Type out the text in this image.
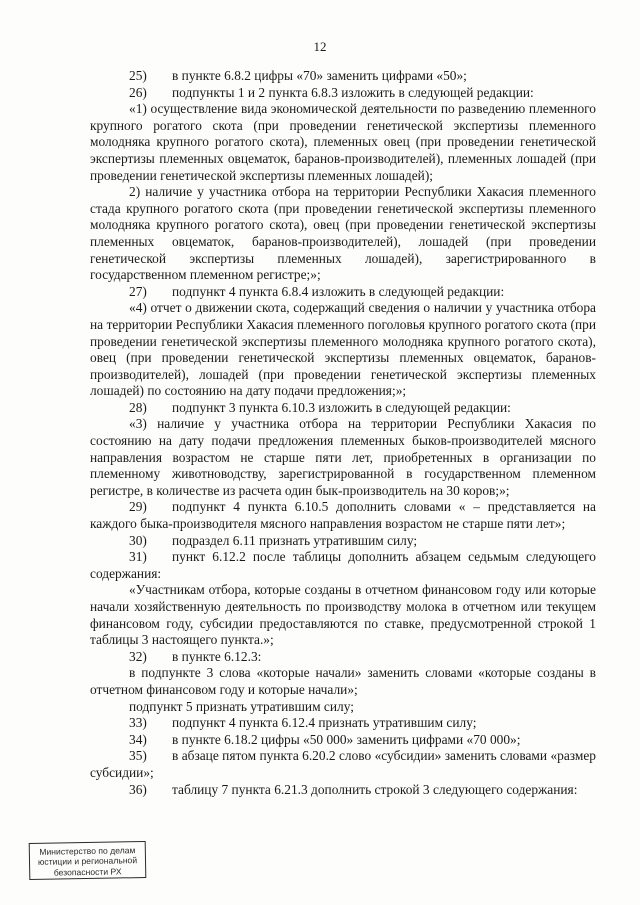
12

25) в пункте 6.8.2 цифры «70» заменить цифрами «50»;

26) подпункты 1 и 2 пункта 6.8.3 изложить в следующей редакции:

«1) осуществление вида экономической деятельности по разведению племенного крупного рогатого скота (при проведении генетической экспертизы племенного молодняка крупного рогатого скота), племенных овец (при проведении генетической экспертизы племенных овцематок, баранов-производителей), племенных лошадей (при проведении генетической экспертизы племенных лошадей);

2) наличие у участника отбора на территории Республики Хакасия племенного стада крупного рогатого скота (при проведении генетической экспертизы племенного молодняка крупного рогатого скота), овец (при проведении генетической экспертизы племенных овцематок, баранов-производителей), лошадей (при проведении генетической экспертизы племенных лошадей), зарегистрированного в государственном племенном регистре;»;

27) подпункт 4 пункта 6.8.4 изложить в следующей редакции:

«4) отчет о движении скота, содержащий сведения о наличии у участника отбора на территории Республики Хакасия племенного поголовья крупного рогатого скота (при проведении генетической экспертизы племенного молодняка крупного рогатого скота), овец (при проведении генетической экспертизы племенных овцематок, баранов-производителей), лошадей (при проведении генетической экспертизы племенных лошадей) по состоянию на дату подачи предложения;»;

28) подпункт 3 пункта 6.10.3 изложить в следующей редакции:

«3) наличие у участника отбора на территории Республики Хакасия по состоянию на дату подачи предложения племенных быков-производителей мясного направления возрастом не старше пяти лет, приобретенных в организации по племенному животноводству, зарегистрированной в государственном племенном регистре, в количестве из расчета один бык-производитель на 30 коров;»;

29) подпункт 4 пункта 6.10.5 дополнить словами « – представляется на каждого быка-производителя мясного направления возрастом не старше пяти лет»;

30) подраздел 6.11 признать утратившим силу;

31) пункт 6.12.2 после таблицы дополнить абзацем седьмым следующего содержания:

«Участникам отбора, которые созданы в отчетном финансовом году или которые начали хозяйственную деятельность по производству молока в отчетном или текущем финансовом году, субсидии предоставляются по ставке, предусмотренной строкой 1 таблицы 3 настоящего пункта.»;

32) в пункте 6.12.3:

в подпункте 3 слова «которые начали» заменить словами «которые созданы в отчетном финансовом году и которые начали»;

подпункт 5 признать утратившим силу;

33) подпункт 4 пункта 6.12.4 признать утратившим силу;

34) в пункте 6.18.2 цифры «50 000» заменить цифрами «70 000»;

35) в абзаце пятом пункта 6.20.2 слово «субсидии» заменить словами «размер субсидии»;

36) таблицу 7 пункта 6.21.3 дополнить строкой 3 следующего содержания:

Министерство по делам
юстиции и региональной
безопасности РХ
